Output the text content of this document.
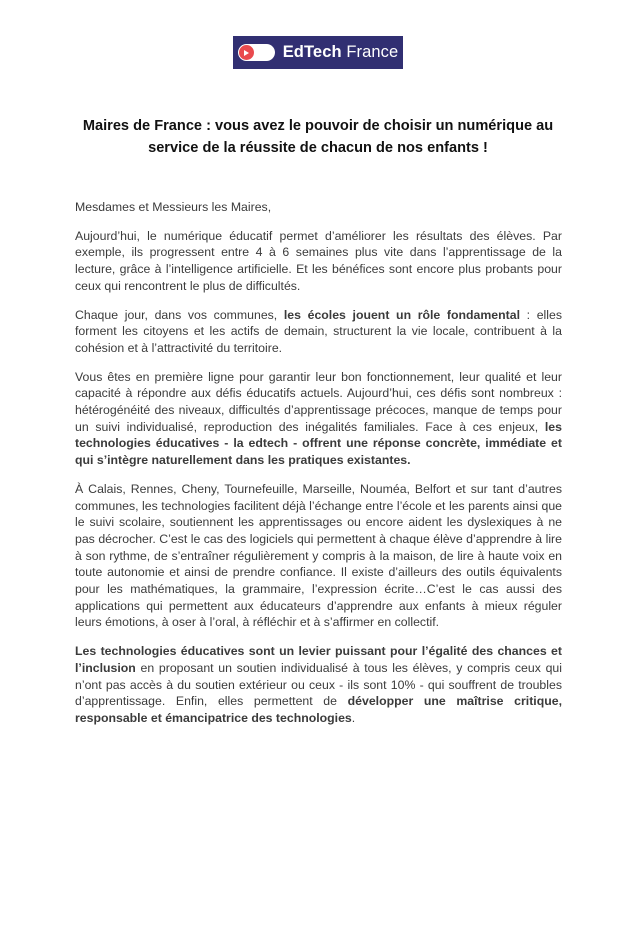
EdTech France
Maires de France : vous avez le pouvoir de choisir un numérique au service de la réussite de chacun de nos enfants !

Mesdames et Messieurs les Maires,

Aujourd’hui, le numérique éducatif permet d’améliorer les résultats des élèves. Par exemple, ils progressent entre 4 à 6 semaines plus vite dans l’apprentissage de la lecture, grâce à l’intelligence artificielle. Et les bénéfices sont encore plus probants pour ceux qui rencontrent le plus de difficultés.

Chaque jour, dans vos communes, les écoles jouent un rôle fondamental : elles forment les citoyens et les actifs de demain, structurent la vie locale, contribuent à la cohésion et à l’attractivité du territoire.

Vous êtes en première ligne pour garantir leur bon fonctionnement, leur qualité et leur capacité à répondre aux défis éducatifs actuels. Aujourd’hui, ces défis sont nombreux : hétérogénéité des niveaux, difficultés d’apprentissage précoces, manque de temps pour un suivi individualisé, reproduction des inégalités familiales. Face à ces enjeux, les technologies éducatives - la edtech - offrent une réponse concrète, immédiate et qui s’intègre naturellement dans les pratiques existantes.

À Calais, Rennes, Cheny, Tournefeuille, Marseille, Nouméa, Belfort et sur tant d’autres communes, les technologies facilitent déjà l’échange entre l’école et les parents ainsi que le suivi scolaire, soutiennent les apprentissages ou encore aident les dyslexiques à ne pas décrocher. C’est le cas des logiciels qui permettent à chaque élève d’apprendre à lire à son rythme, de s’entraîner régulièrement y compris à la maison, de lire à haute voix en toute autonomie et ainsi de prendre confiance. Il existe d’ailleurs des outils équivalents pour les mathématiques, la grammaire, l’expression écrite…C’est le cas aussi des applications qui permettent aux éducateurs d’apprendre aux enfants à mieux réguler leurs émotions, à oser à l’oral, à réfléchir et à s’affirmer en collectif.

Les technologies éducatives sont un levier puissant pour l’égalité des chances et l’inclusion en proposant un soutien individualisé à tous les élèves, y compris ceux qui n’ont pas accès à du soutien extérieur ou ceux - ils sont 10% - qui souffrent de troubles d’apprentissage. Enfin, elles permettent de développer une maîtrise critique, responsable et émancipatrice des technologies.
